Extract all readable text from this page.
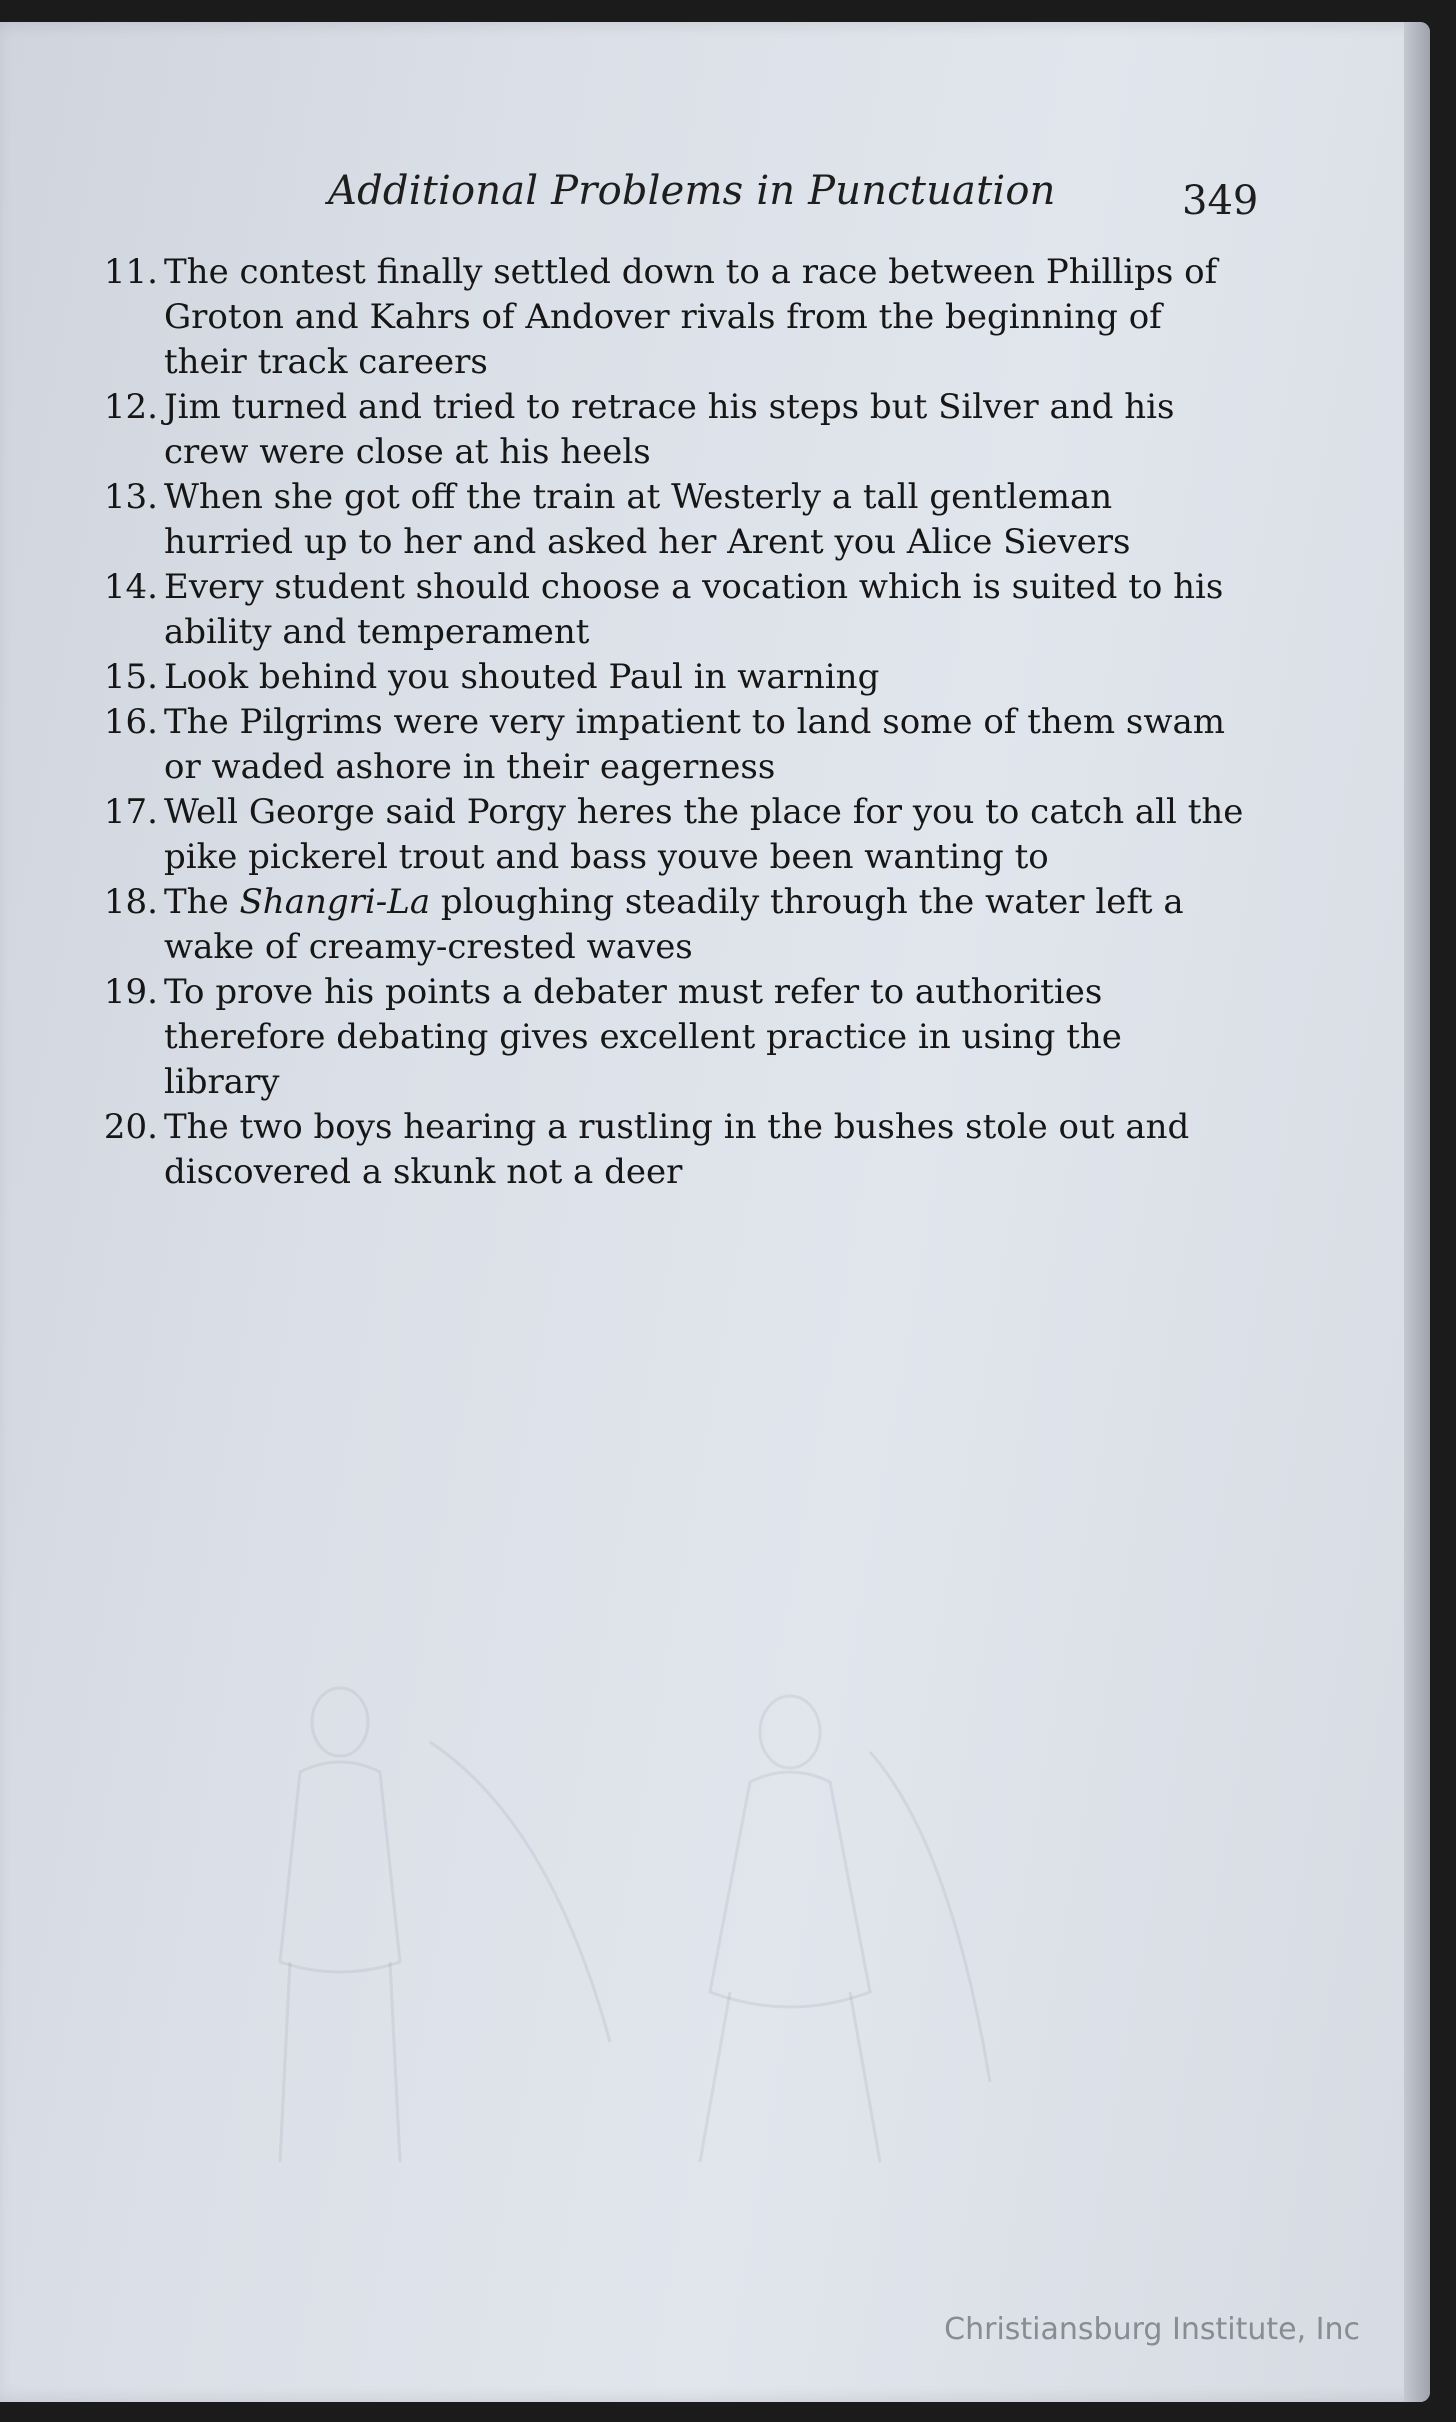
Additional Problems in Punctuation	349
11. The contest finally settled down to a race between Phillips of Groton and Kahrs of Andover rivals from the beginning of their track careers
12. Jim turned and tried to retrace his steps but Silver and his crew were close at his heels
13. When she got off the train at Westerly a tall gentleman hurried up to her and asked her Arent you Alice Sievers
14. Every student should choose a vocation which is suited to his ability and temperament
15. Look behind you shouted Paul in warning
16. The Pilgrims were very impatient to land some of them swam or waded ashore in their eagerness
17. Well George said Porgy heres the place for you to catch all the pike pickerel trout and bass youve been wanting to
18. The Shangri-La ploughing steadily through the water left a wake of creamy-crested waves
19. To prove his points a debater must refer to authorities therefore debating gives excellent practice in using the library
20. The two boys hearing a rustling in the bushes stole out and discovered a skunk not a deer
Christiansburg Institute, Inc
